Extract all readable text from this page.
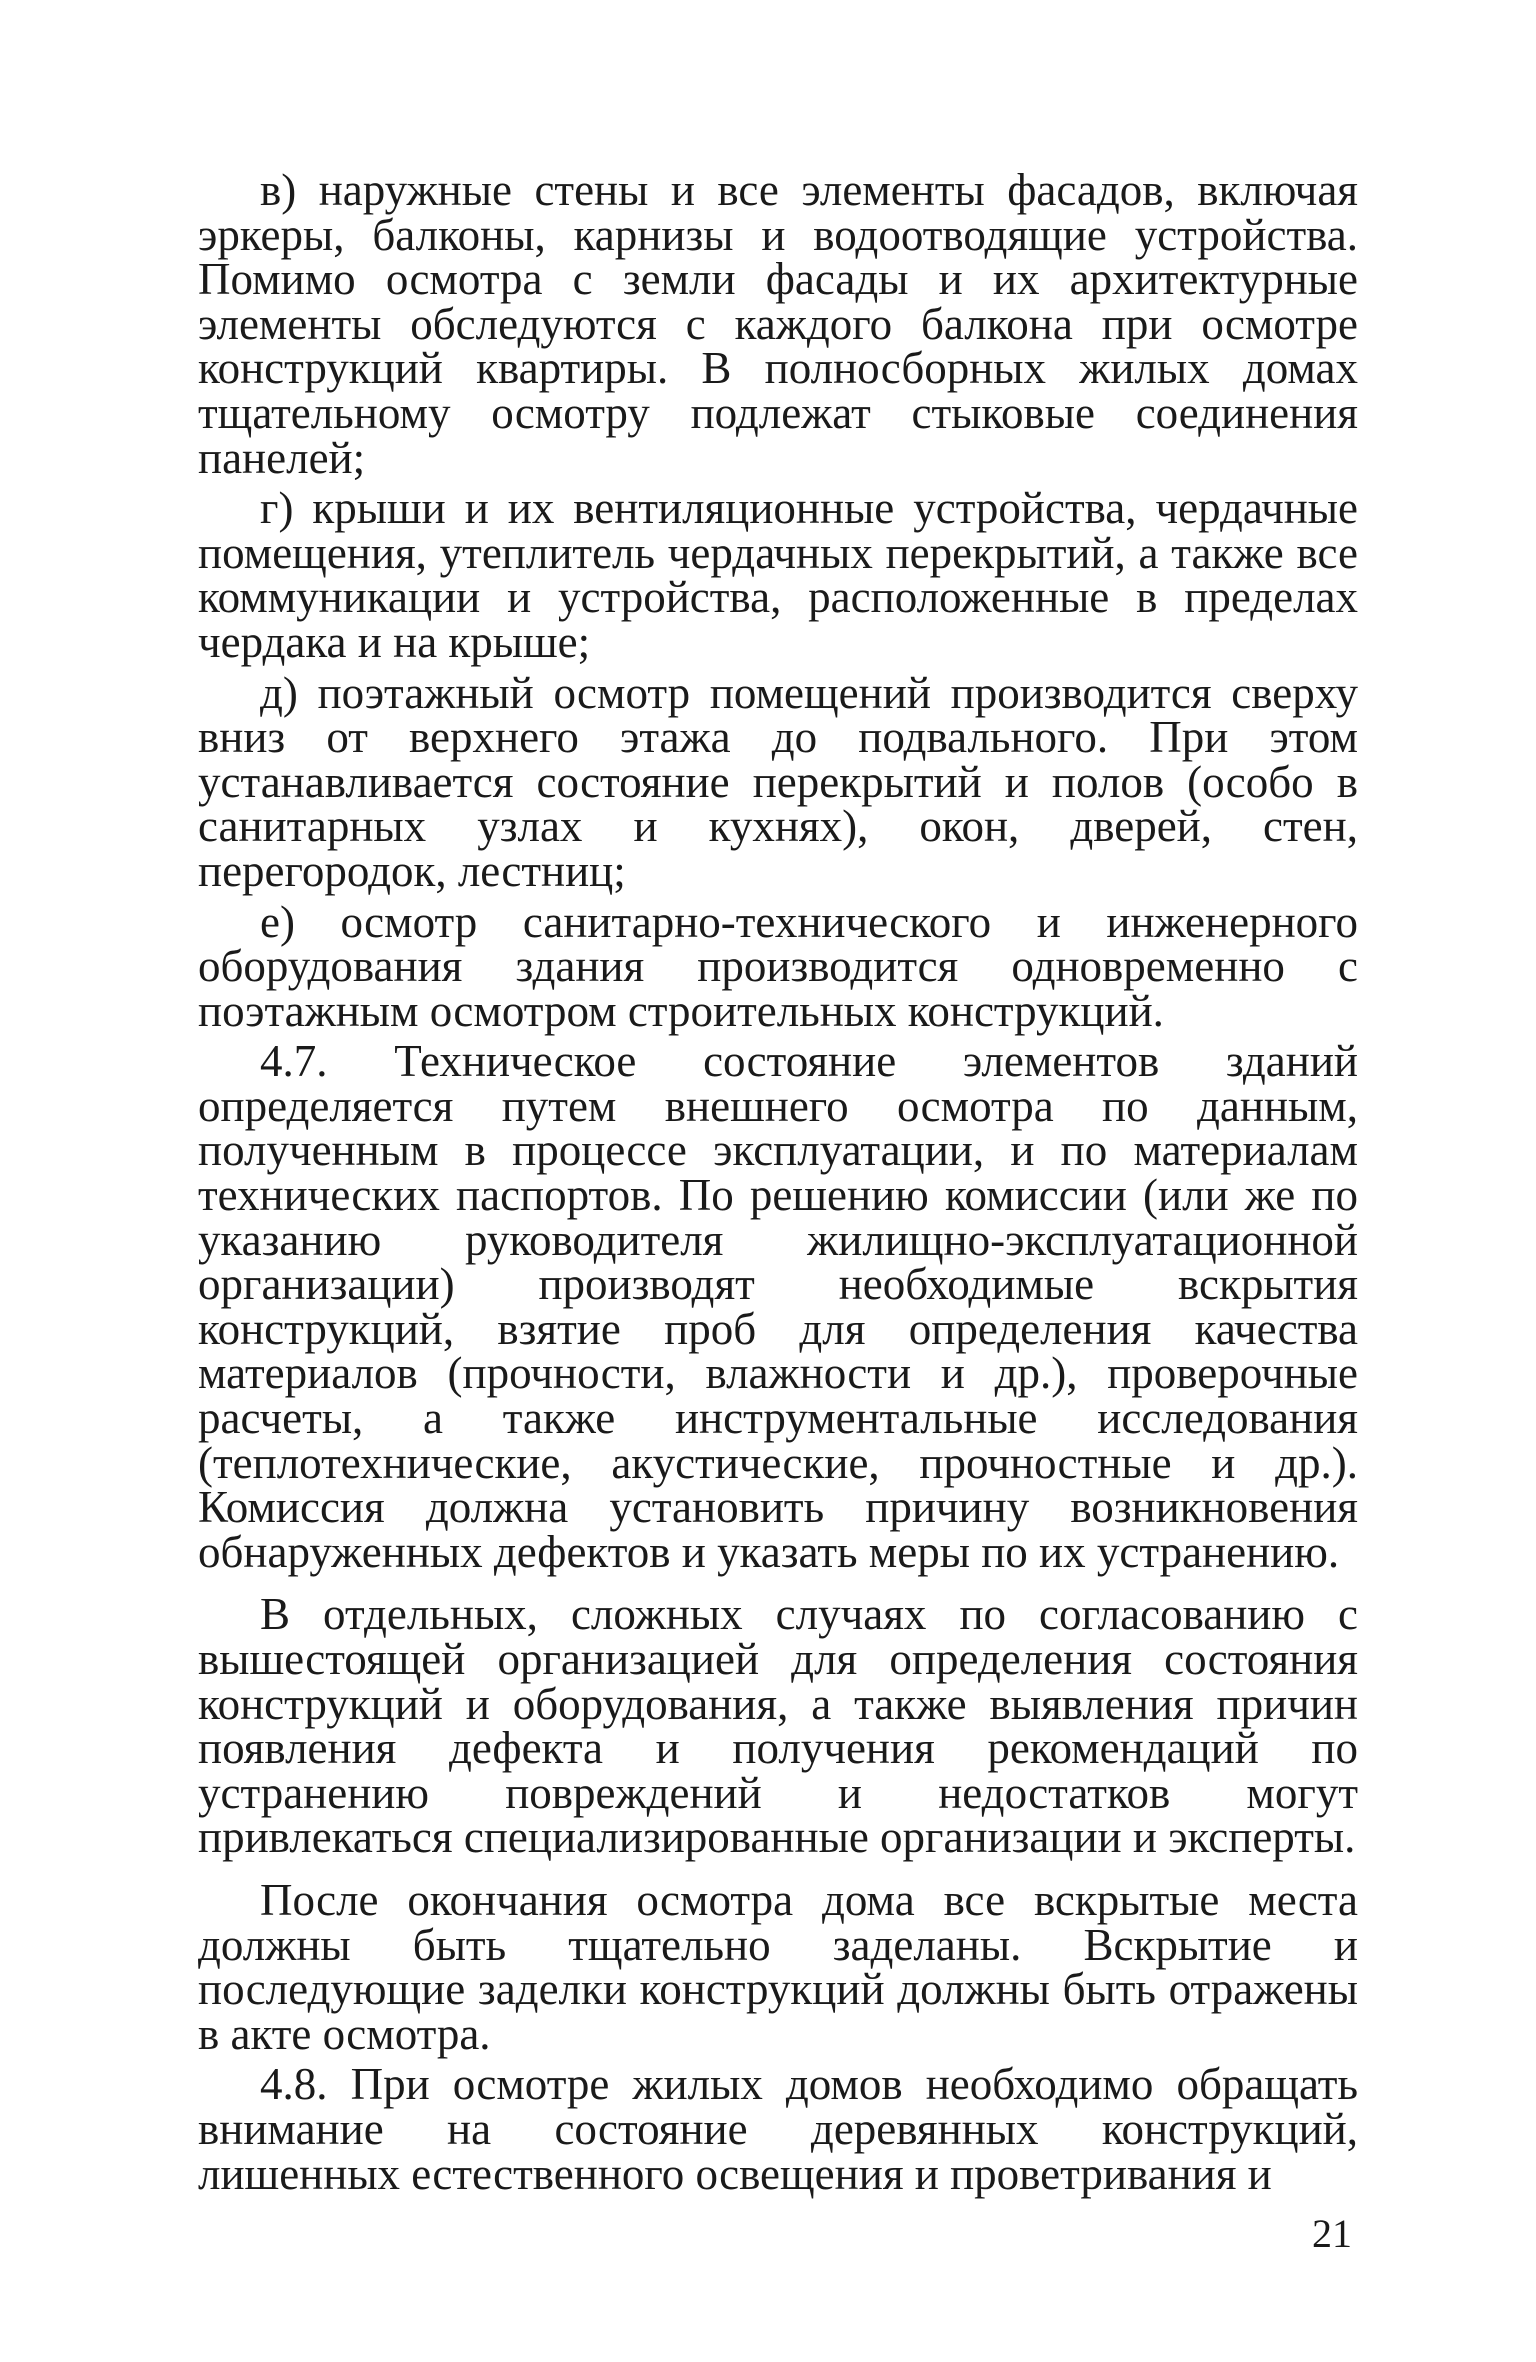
в) наружные стены и все элементы фасадов, включая эркеры, балконы, карнизы и водоотводящие устройства. Помимо осмотра с земли фасады и их архитектурные элементы обследуются с каждого балкона при осмотре конструкций квартиры. В полносборных жилых домах тщательному осмотру подлежат стыковые соединения панелей;

г) крыши и их вентиляционные устройства, чердачные помещения, утеплитель чердачных перекрытий, а также все коммуникации и устройства, расположенные в пределах чердака и на крыше;

д) поэтажный осмотр помещений производится сверху вниз от верхнего этажа до подвального. При этом устанавливается состояние перекрытий и полов (особо в санитарных узлах и кухнях), окон, дверей, стен, перегородок, лестниц;

е) осмотр санитарно-технического и инженерного оборудования здания производится одновременно с поэтажным осмотром строительных конструкций.

4.7. Техническое состояние элементов зданий определяется путем внешнего осмотра по данным, полученным в процессе эксплуатации, и по материалам технических паспортов. По решению комиссии (или же по указанию руководителя жилищно-эксплуатационной организации) производят необходимые вскрытия конструкций, взятие проб для определения качества материалов (прочности, влажности и др.), проверочные расчеты, а также инструментальные исследования (теплотехнические, акустические, прочностные и др.). Комиссия должна установить причину возникновения обнаруженных дефектов и указать меры по их устранению.

В отдельных, сложных случаях по согласованию с вышестоящей организацией для определения состояния конструкций и оборудования, а также выявления причин появления дефекта и получения рекомендаций по устранению повреждений и недостатков могут привлекаться специализированные организации и эксперты.

После окончания осмотра дома все вскрытые места должны быть тщательно заделаны. Вскрытие и последующие заделки конструкций должны быть отражены в акте осмотра.

4.8. При осмотре жилых домов необходимо обращать внимание на состояние деревянных конструкций, лишенных естественного освещения и проветривания и

21
